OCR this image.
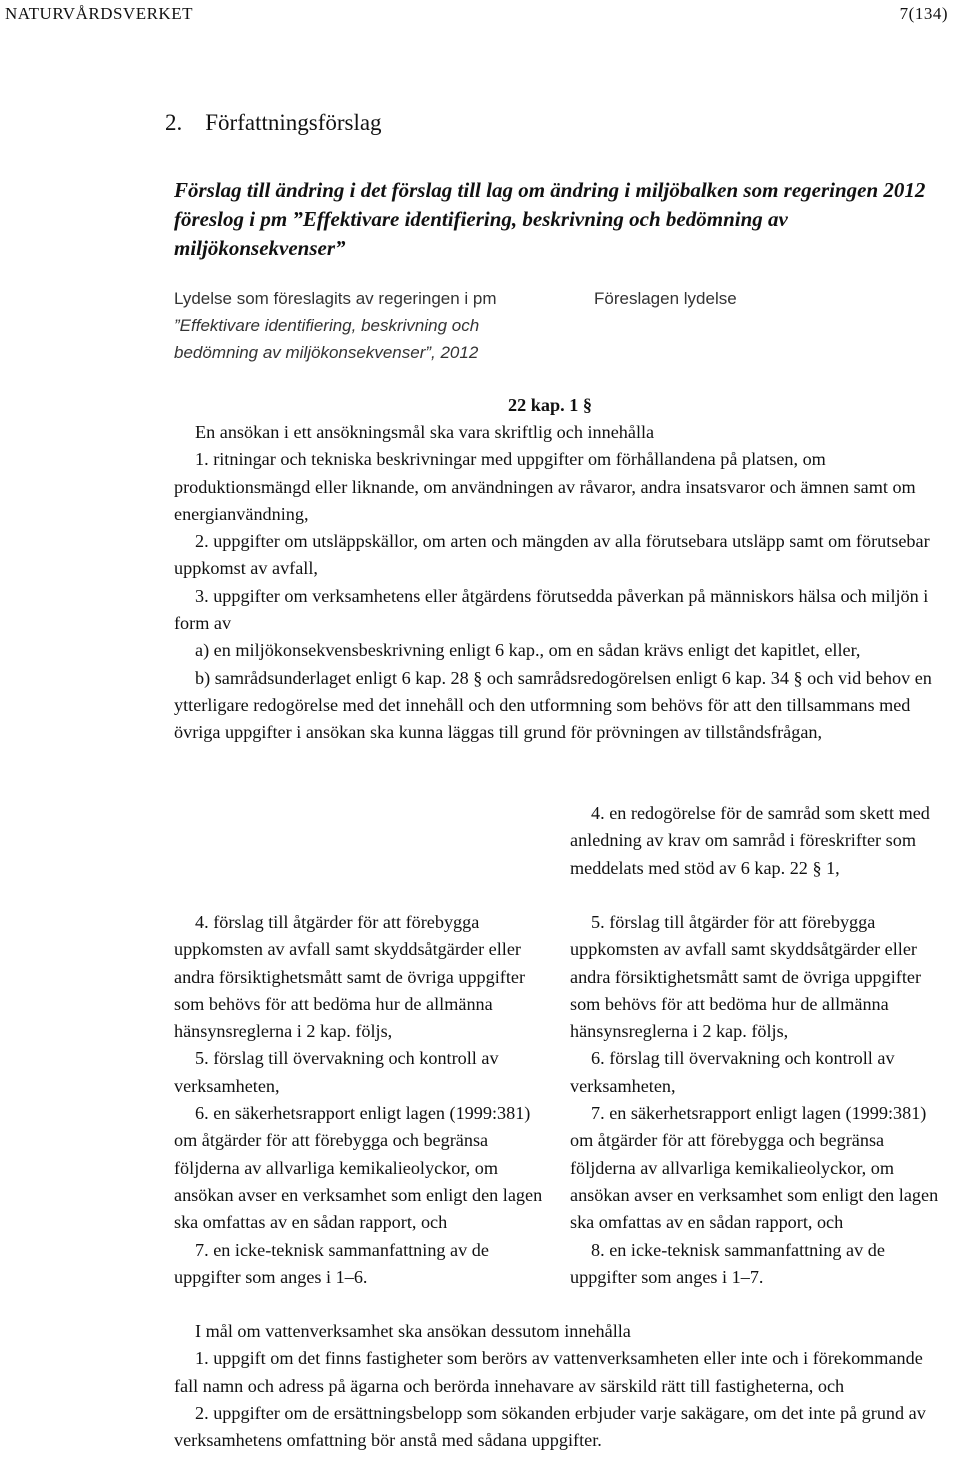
NATURVÅRDSVERKET	7(134)
2. Författningsförslag
Förslag till ändring i det förslag till lag om ändring i miljöbalken som regeringen 2012 föreslog i pm ”Effektivare identifiering, beskrivning och bedömning av miljökonsekvenser”
Lydelse som föreslagits av regeringen i pm
”Effektivare identifiering, beskrivning och
bedömning av miljökonsekvenser”, 2012
Föreslagen lydelse
22 kap. 1 §

En ansökan i ett ansökningsmål ska vara skriftlig och innehålla

1. ritningar och tekniska beskrivningar med uppgifter om förhållandena på platsen, om produktionsmängd eller liknande, om användningen av råvaror, andra insatsvaror och ämnen samt om energianvändning,

2. uppgifter om utsläppskällor, om arten och mängden av alla förutsebara utsläpp samt om förutsebar uppkomst av avfall,

3. uppgifter om verksamhetens eller åtgärdens förutsedda påverkan på människors hälsa och miljön i form av

a) en miljökonsekvensbeskrivning enligt 6 kap., om en sådan krävs enligt det kapitlet, eller,

b) samrådsunderlaget enligt 6 kap. 28 § och samrådsredogörelsen enligt 6 kap. 34 § och vid behov en ytterligare redogörelse med det innehåll och den utformning som behövs för att den tillsammans med övriga uppgifter i ansökan ska kunna läggas till grund för prövningen av tillståndsfrågan,

4. en redogörelse för de samråd som skett med anledning av krav om samråd i föreskrifter som meddelats med stöd av 6 kap. 22 § 1,

4. förslag till åtgärder för att förebygga uppkomsten av avfall samt skyddsåtgärder eller andra försiktighetsmått samt de övriga uppgifter som behövs för att bedöma hur de allmänna hänsynsreglerna i 2 kap. följs,

5. förslag till övervakning och kontroll av verksamheten,

6. en säkerhetsrapport enligt lagen (1999:381) om åtgärder för att förebygga och begränsa följderna av allvarliga kemikalieolyckor, om ansökan avser en verksamhet som enligt den lagen ska omfattas av en sådan rapport, och

7. en icke-teknisk sammanfattning av de uppgifter som anges i 1–6.

5. förslag till åtgärder för att förebygga uppkomsten av avfall samt skyddsåtgärder eller andra försiktighetsmått samt de övriga uppgifter som behövs för att bedöma hur de allmänna hänsynsreglerna i 2 kap. följs,

6. förslag till övervakning och kontroll av verksamheten,

7. en säkerhetsrapport enligt lagen (1999:381) om åtgärder för att förebygga och begränsa följderna av allvarliga kemikalieolyckor, om ansökan avser en verksamhet som enligt den lagen ska omfattas av en sådan rapport, och

8. en icke-teknisk sammanfattning av de uppgifter som anges i 1–7.

I mål om vattenverksamhet ska ansökan dessutom innehålla

1. uppgift om det finns fastigheter som berörs av vattenverksamheten eller inte och i förekommande fall namn och adress på ägarna och berörda innehavare av särskild rätt till fastigheterna, och

2. uppgifter om de ersättningsbelopp som sökanden erbjuder varje sakägare, om det inte på grund av verksamhetens omfattning bör anstå med sådana uppgifter.
